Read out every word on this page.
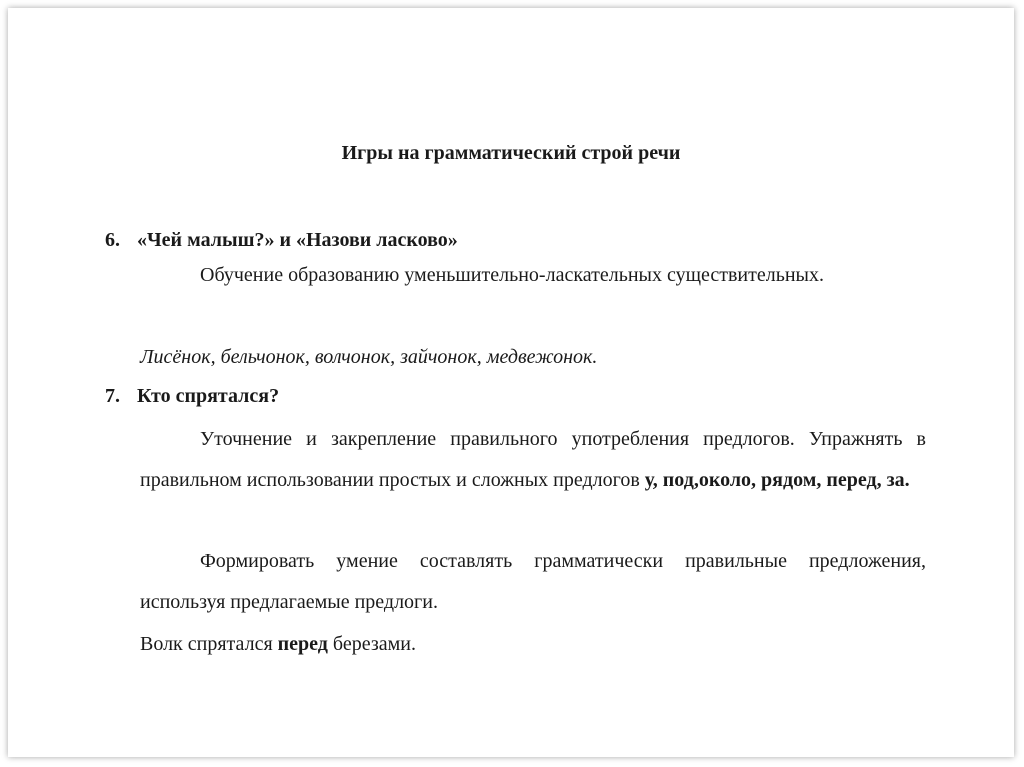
Игры на грамматический строй речи
6. «Чей малыш?» и «Назови ласково»
Обучение образованию уменьшительно-ласкательных существительных.
Лисёнок, бельчонок, волчонок, зайчонок, медвежонок.
7. Кто спрятался?
Уточнение и закрепление правильного употребления предлогов. Упражнять в правильном использовании простых и сложных предлогов у, под,около, рядом, перед, за.
Формировать умение составлять грамматически правильные предложения, используя предлагаемые предлоги.
Волк спрятался перед березами.
